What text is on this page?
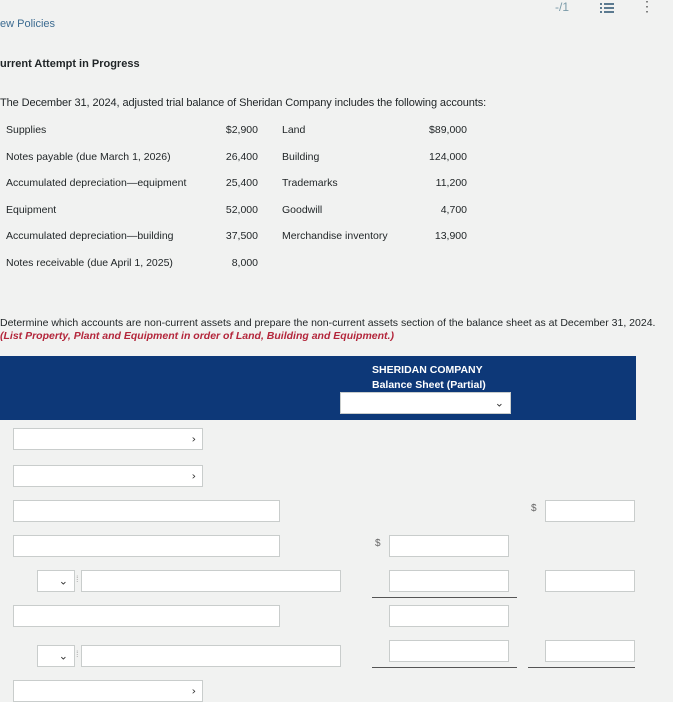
-/1	⋮
ew Policies
urrent Attempt in Progress
The December 31, 2024, adjusted trial balance of Sheridan Company includes the following accounts:
Supplies	$2,900	Land	$89,000
Notes payable (due March 1, 2026)	26,400	Building	124,000
Accumulated depreciation—equipment	25,400	Trademarks	11,200
Equipment	52,000	Goodwill	4,700
Accumulated depreciation—building	37,500	Merchandise inventory	13,900
Notes receivable (due April 1, 2025)	8,000		
Determine which accounts are non-current assets and prepare the non-current assets section of the balance sheet as at December 31, 2024. (List Property, Plant and Equipment in order of Land, Building and Equipment.)
SHERIDAN COMPANY
Balance Sheet (Partial)
⌄
›
›
$
$
⌄ ⁞
⌄ ⁞
›
